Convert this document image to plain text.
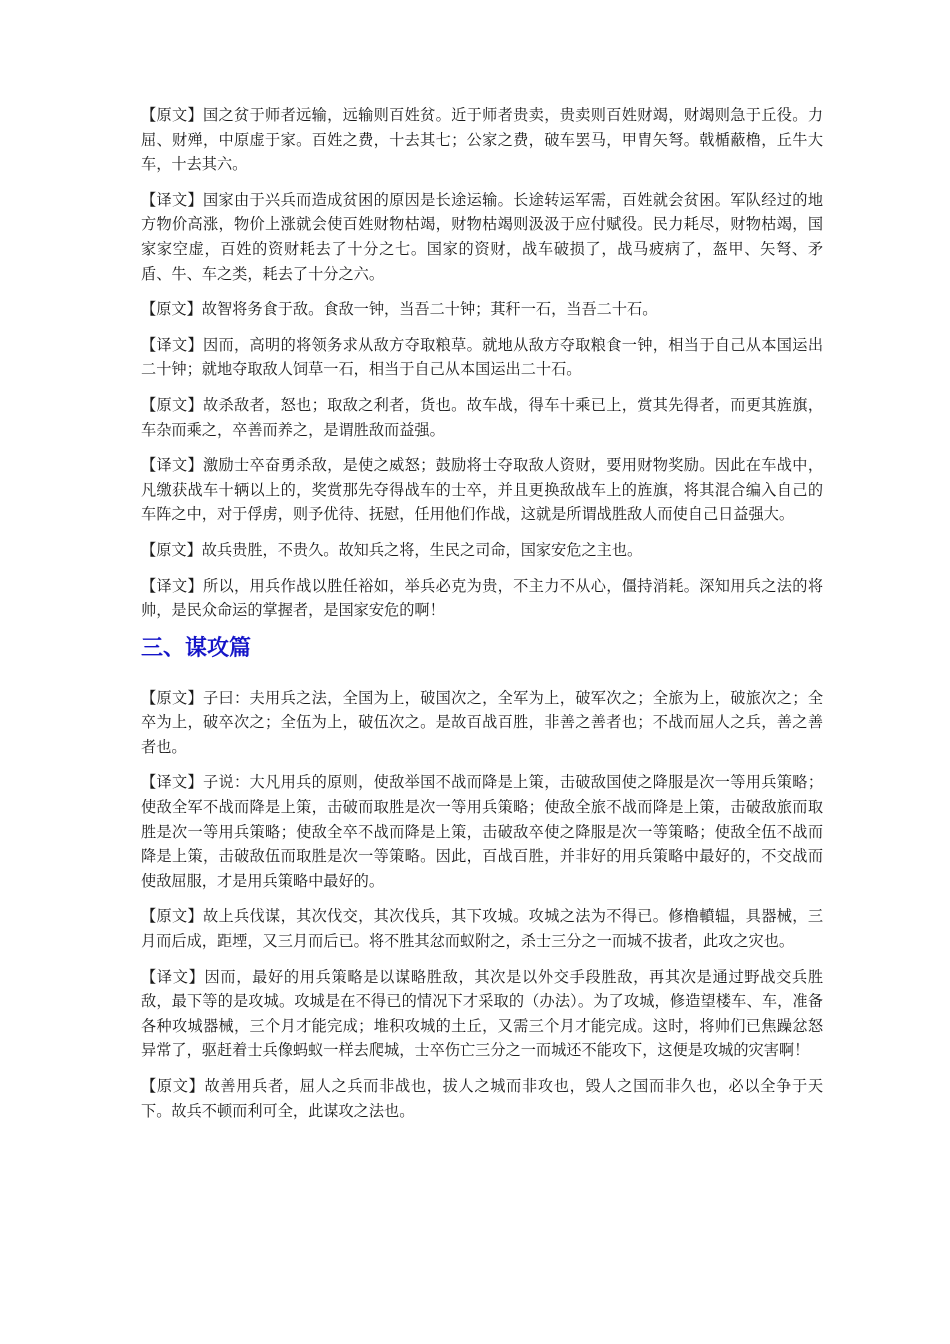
【原文】国之贫于师者远输，远输则百姓贫。近于师者贵卖，贵卖则百姓财竭，财竭则急于丘役。力屈、财殚，中原虚于家。百姓之费，十去其七；公家之费，破车罢马，甲胄矢弩。戟楯蔽橹，丘牛大车，十去其六。

【译文】国家由于兴兵而造成贫困的原因是长途运输。长途转运军需，百姓就会贫困。军队经过的地方物价高涨，物价上涨就会使百姓财物枯竭，财物枯竭则汲汲于应付赋役。民力耗尽，财物枯竭，国家家空虚，百姓的资财耗去了十分之七。国家的资财，战车破损了，战马疲病了，盔甲、矢弩、矛盾、牛、车之类，耗去了十分之六。

【原文】故智将务食于敌。食敌一钟，当吾二十钟；萁秆一石，当吾二十石。

【译文】因而，高明的将领务求从敌方夺取粮草。就地从敌方夺取粮食一钟，相当于自己从本国运出二十钟；就地夺取敌人饲草一石，相当于自己从本国运出二十石。

【原文】故杀敌者，怒也；取敌之利者，货也。故车战，得车十乘已上，赏其先得者，而更其旌旗，车杂而乘之，卒善而养之，是谓胜敌而益强。

【译文】激励士卒奋勇杀敌，是使之威怒；鼓励将士夺取敌人资财，要用财物奖励。因此在车战中，凡缴获战车十辆以上的，奖赏那先夺得战车的士卒，并且更换敌战车上的旌旗，将其混合编入自己的车阵之中，对于俘虏，则予优待、抚慰，任用他们作战，这就是所谓战胜敌人而使自己日益强大。

【原文】故兵贵胜，不贵久。故知兵之将，生民之司命，国家安危之主也。

【译文】所以，用兵作战以胜任裕如，举兵必克为贵，不主力不从心，僵持消耗。深知用兵之法的将帅，是民众命运的掌握者，是国家安危的啊！

三、谋攻篇

【原文】子曰：夫用兵之法，全国为上，破国次之，全军为上，破军次之；全旅为上，破旅次之；全卒为上，破卒次之；全伍为上，破伍次之。是故百战百胜，非善之善者也；不战而屈人之兵，善之善者也。

【译文】子说：大凡用兵的原则，使敌举国不战而降是上策，击破敌国使之降服是次一等用兵策略；使敌全军不战而降是上策，击破而取胜是次一等用兵策略；使敌全旅不战而降是上策，击破敌旅而取胜是次一等用兵策略；使敌全卒不战而降是上策，击破敌卒使之降服是次一等策略；使敌全伍不战而降是上策，击破敌伍而取胜是次一等策略。因此，百战百胜，并非好的用兵策略中最好的，不交战而使敌屈服，才是用兵策略中最好的。

【原文】故上兵伐谋，其次伐交，其次伐兵，其下攻城。攻城之法为不得已。修橹轒辒，具器械，三月而后成，距堙，又三月而后已。将不胜其忿而蚁附之，杀士三分之一而城不拔者，此攻之灾也。

【译文】因而，最好的用兵策略是以谋略胜敌，其次是以外交手段胜敌，再其次是通过野战交兵胜敌，最下等的是攻城。攻城是在不得已的情况下才采取的（办法）。为了攻城，修造望楼车、车，准备各种攻城器械，三个月才能完成；堆积攻城的土丘，又需三个月才能完成。这时，将帅们已焦躁忿怒异常了，驱赶着士兵像蚂蚁一样去爬城，士卒伤亡三分之一而城还不能攻下，这便是攻城的灾害啊！

【原文】故善用兵者，屈人之兵而非战也，拔人之城而非攻也，毁人之国而非久也，必以全争于天下。故兵不顿而利可全，此谋攻之法也。
